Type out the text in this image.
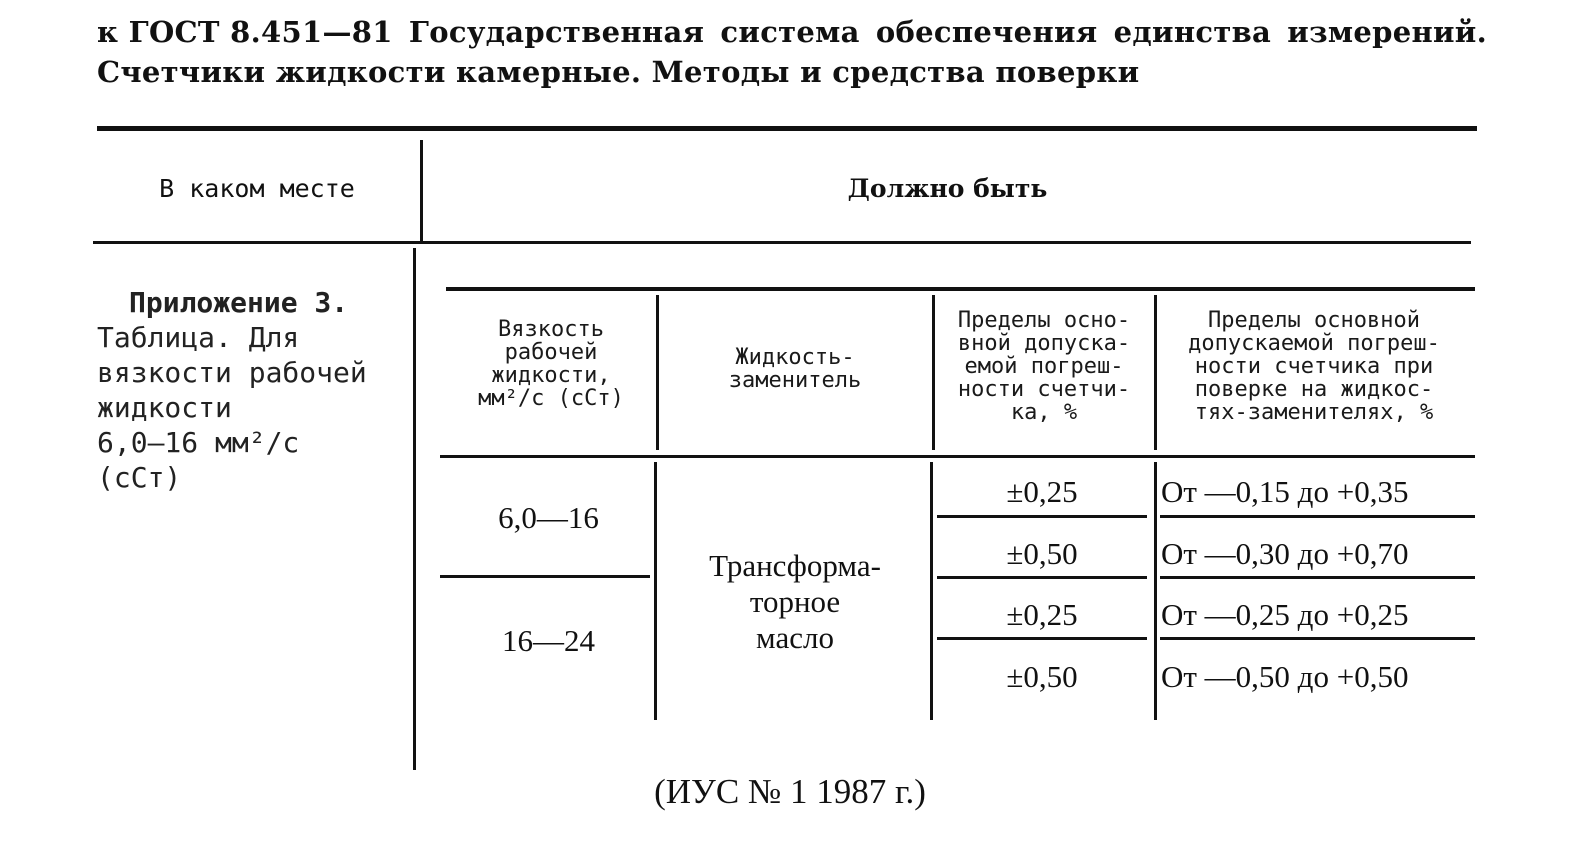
к ГОСТ 8.451—81 Государственная система обеспечения единства измерений.
Счетчики жидкости камерные. Методы и средства поверки
В каком месте	Должно быть
Приложение 3.
Таблица. Для
вязкости рабочей
жидкости
6,0—16 мм²/с
(сСт)
Вязкость
рабочей
жидкости,
мм²/с (сСт)
Жидкость-
заменитель
Пределы осно-
вной допуска-
емой погреш-
ности счетчи-
ка, %
Пределы основной
допускаемой погреш-
ности счетчика при
поверке на жидкос-
тях-заменителях, %
6,0—16
16—24
Трансформа-
торное
масло
±0,25
±0,50
±0,25
±0,50
От —0,15 до +0,35
От —0,30 до +0,70
От —0,25 до +0,25
От —0,50 до +0,50
(ИУС № 1 1987 г.)
